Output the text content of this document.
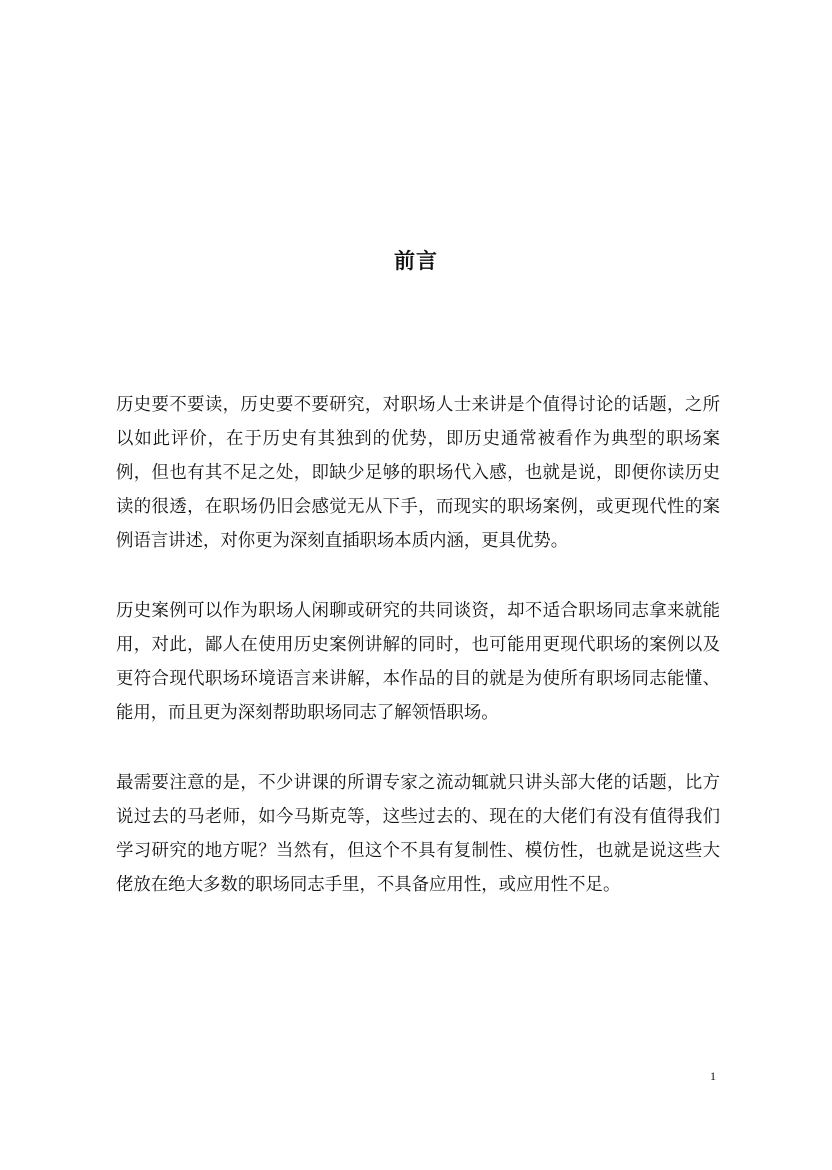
前言

历史要不要读，历史要不要研究，对职场人士来讲是个值得讨论的话题，之所以如此评价，在于历史有其独到的优势，即历史通常被看作为典型的职场案例，但也有其不足之处，即缺少足够的职场代入感，也就是说，即便你读历史读的很透，在职场仍旧会感觉无从下手，而现实的职场案例，或更现代性的案例语言讲述，对你更为深刻直插职场本质内涵，更具优势。

历史案例可以作为职场人闲聊或研究的共同谈资，却不适合职场同志拿来就能用，对此，鄙人在使用历史案例讲解的同时，也可能用更现代职场的案例以及更符合现代职场环境语言来讲解，本作品的目的就是为使所有职场同志能懂、能用，而且更为深刻帮助职场同志了解领悟职场。

最需要注意的是，不少讲课的所谓专家之流动辄就只讲头部大佬的话题，比方说过去的马老师，如今马斯克等，这些过去的、现在的大佬们有没有值得我们学习研究的地方呢？当然有，但这个不具有复制性、模仿性，也就是说这些大佬放在绝大多数的职场同志手里，不具备应用性，或应用性不足。

1
